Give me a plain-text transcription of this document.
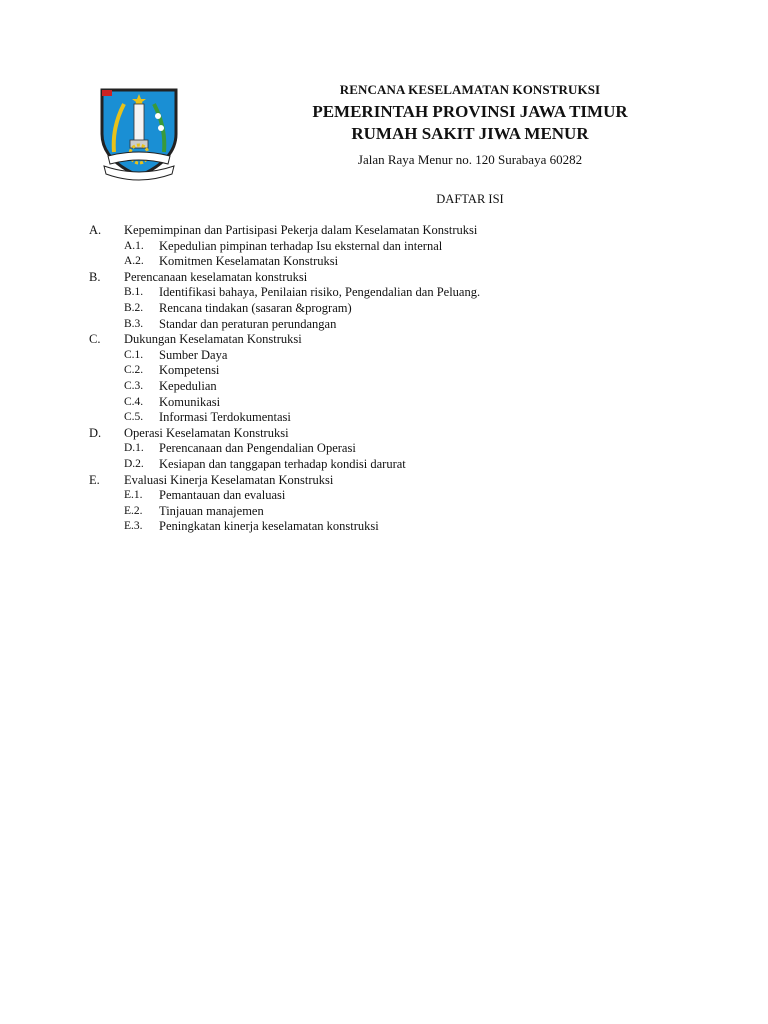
RENCANA KESELAMATAN KONSTRUKSI
PEMERINTAH PROVINSI JAWA TIMUR
RUMAH SAKIT JIWA MENUR
Jalan Raya Menur no. 120 Surabaya 60282
DAFTAR ISI
A. Kepemimpinan dan Partisipasi Pekerja dalam Keselamatan Konstruksi
A.1. Kepedulian pimpinan terhadap Isu eksternal dan internal
A.2. Komitmen Keselamatan Konstruksi
B. Perencanaan keselamatan konstruksi
B.1. Identifikasi bahaya, Penilaian risiko, Pengendalian dan Peluang.
B.2. Rencana tindakan (sasaran &program)
B.3. Standar dan peraturan perundangan
C. Dukungan Keselamatan Konstruksi
C.1. Sumber Daya
C.2. Kompetensi
C.3. Kepedulian
C.4. Komunikasi
C.5. Informasi Terdokumentasi
D. Operasi Keselamatan Konstruksi
D.1. Perencanaan dan Pengendalian Operasi
D.2. Kesiapan dan tanggapan terhadap kondisi darurat
E. Evaluasi Kinerja Keselamatan Konstruksi
E.1. Pemantauan dan evaluasi
E.2. Tinjauan manajemen
E.3. Peningkatan kinerja keselamatan konstruksi
